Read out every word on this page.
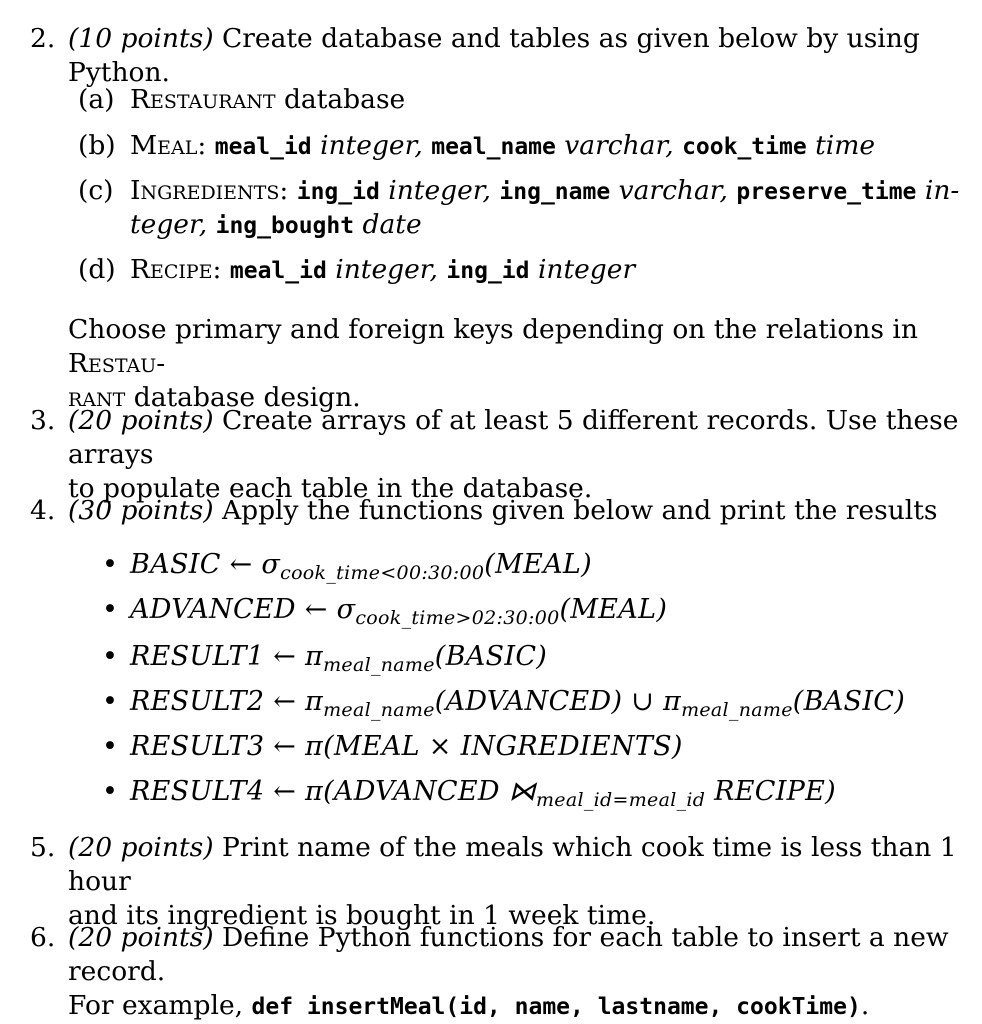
2. (10 points) Create database and tables as given below by using Python.
(a) Restaurant database
(b) Meal: meal_id integer, meal_name varchar, cook_time time
(c) Ingredients: ing_id integer, ing_name varchar, preserve_time in-
teger, ing_bought date
(d) Recipe: meal_id integer, ing_id integer
Choose primary and foreign keys depending on the relations in Restau-
rant database design.
3. (20 points) Create arrays of at least 5 different records. Use these arrays
to populate each table in the database.
4. (30 points) Apply the functions given below and print the results
• BASIC ← $\sigma_{cook\_time<00:30:00}(MEAL)$
• ADVANCED ← $\sigma_{cook\_time>02:30:00}(MEAL)$
• RESULT1 ← $\pi_{meal\_name}(BASIC)$
• RESULT2 ← $\pi_{meal\_name}(ADVANCED)$ ∪ $\pi_{meal\_name}(BASIC)$
• RESULT3 ← π(MEAL × INGREDIENTS)
• RESULT4 ← π(ADVANCED $⋈_{meal\_id=meal\_id}$ RECIPE)
5. (20 points) Print name of the meals which cook time is less than 1 hour
and its ingredient is bought in 1 week time.
6. (20 points) Define Python functions for each table to insert a new record.
For example, def insertMeal(id, name, lastname, cookTime).
